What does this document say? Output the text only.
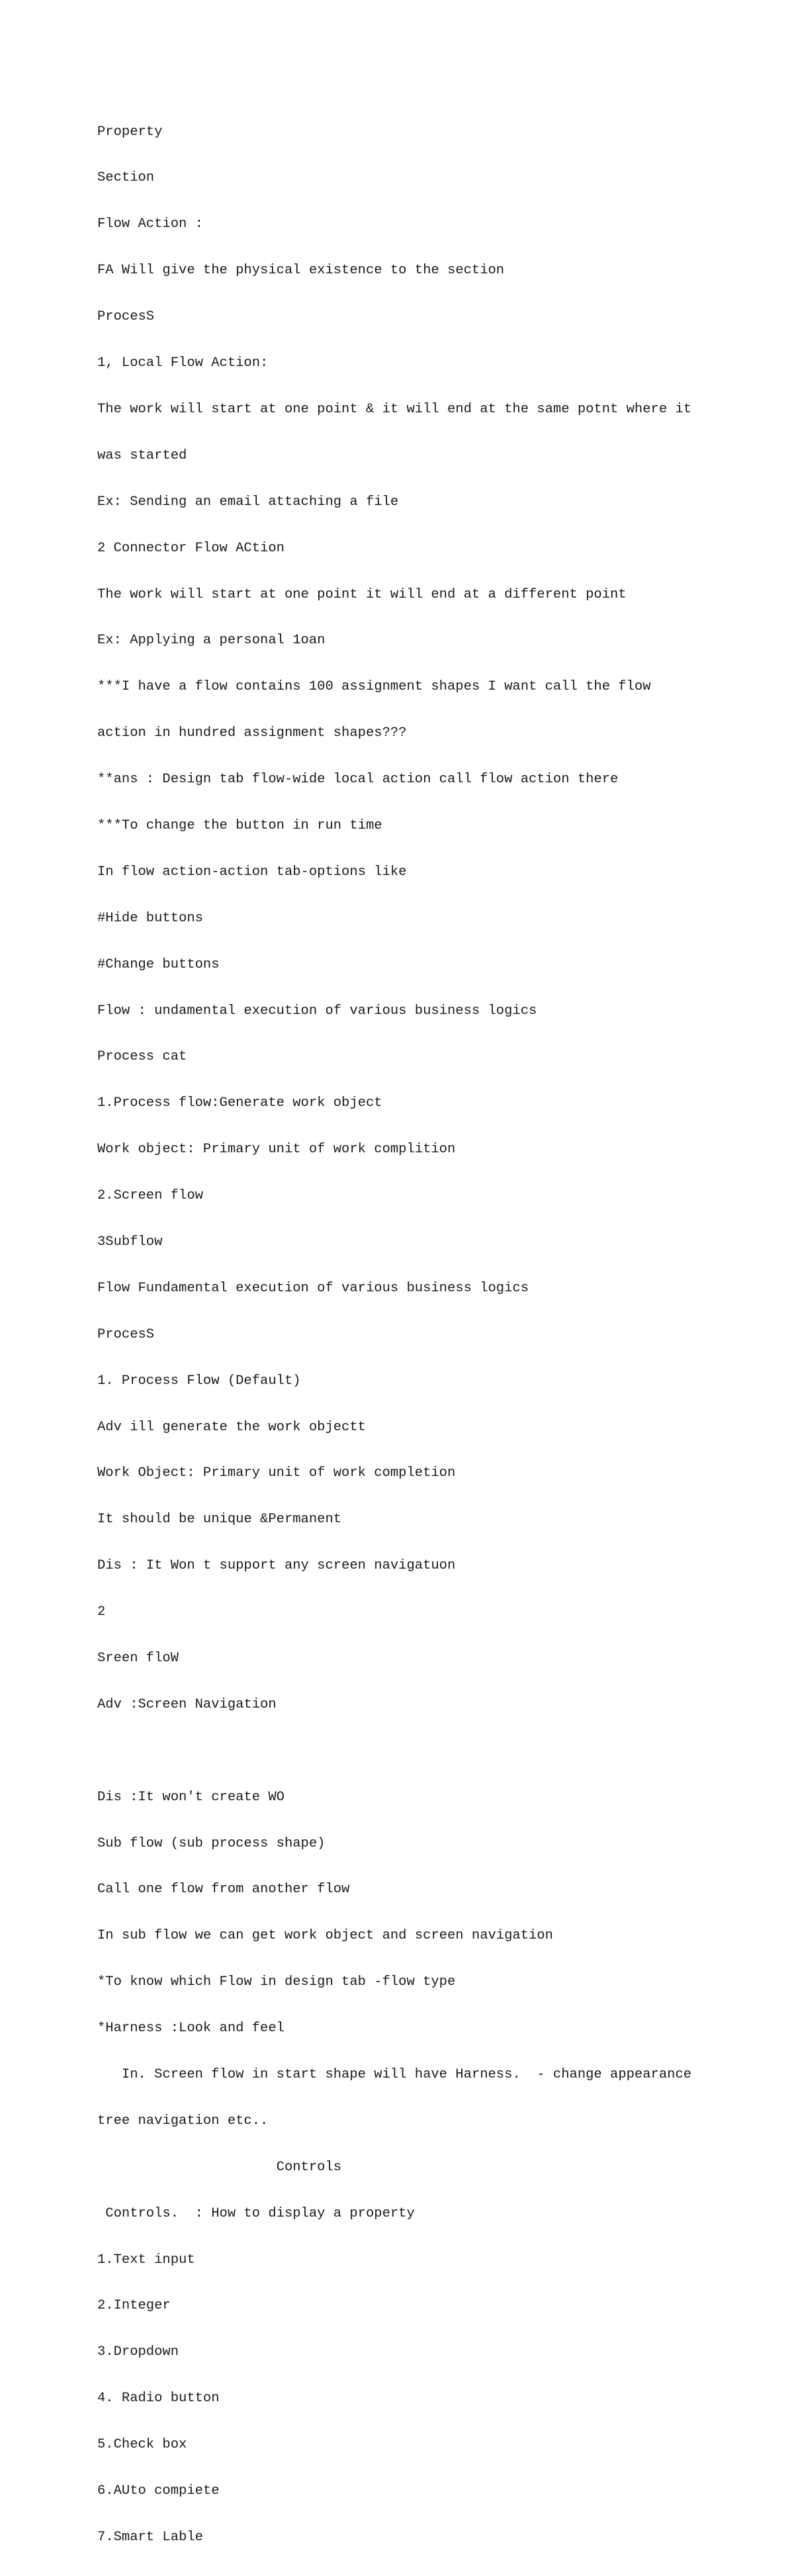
Property

Section

Flow Action :

FA Will give the physical existence to the section

ProcesS

1, Local Flow Action:

The work will start at one point & it will end at the same potnt where it

was started

Ex: Sending an email attaching a file

2 Connector Flow ACtion

The work will start at one point it will end at a different point

Ex: Applying a personal 1oan

***I have a flow contains 100 assignment shapes I want call the flow

action in hundred assignment shapes???

**ans : Design tab flow-wide local action call flow action there

***To change the button in run time

In flow action-action tab-options like

#Hide buttons

#Change buttons

Flow : undamental execution of various business logics

Process cat

1.Process flow:Generate work object

Work object: Primary unit of work complition

2.Screen flow

3Subflow

Flow Fundamental execution of various business logics

ProcesS

1. Process Flow (Default)

Adv ill generate the work objectt

Work Object: Primary unit of work completion

It should be unique &Permanent

Dis : It Won t support any screen navigatuon

2

Sreen floW

Adv :Screen Navigation

Dis :It won't create WO

Sub flow (sub process shape)

Call one flow from another flow

In sub flow we can get work object and screen navigation

*To know which Flow in design tab -flow type

*Harness :Look and feel

In. Screen flow in start shape will have Harness.  - change appearance

tree navigation etc..

Controls

Controls.  : How to display a property

1.Text input

2.Integer

3.Dropdown

4. Radio button

5.Check box

6.AUto compiete

7.Smart Lable
